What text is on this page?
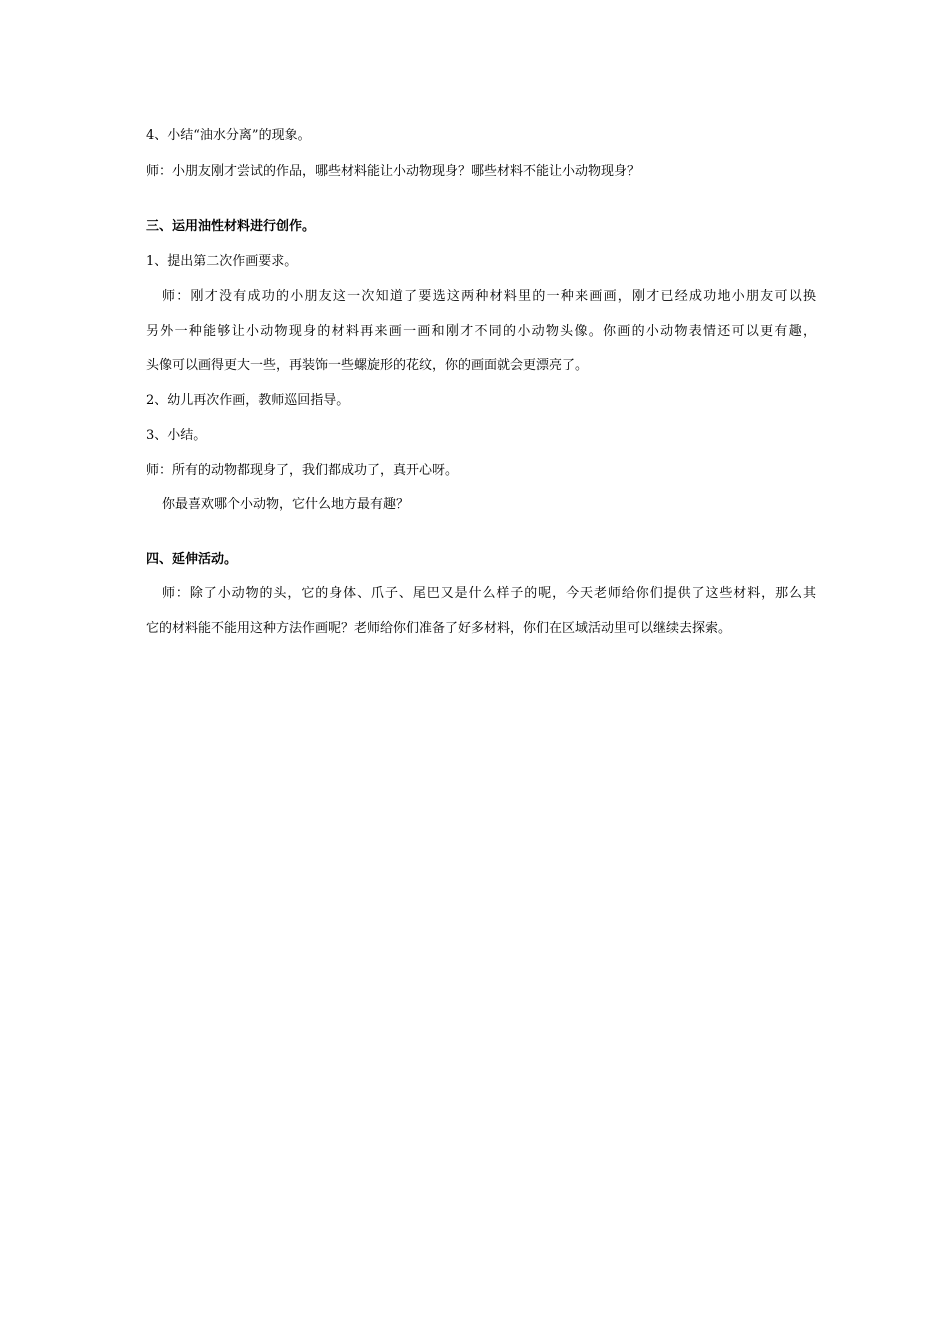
4、小结“油水分离”的现象。
师：小朋友刚才尝试的作品，哪些材料能让小动物现身？哪些材料不能让小动物现身？
三、运用油性材料进行创作。
1、提出第二次作画要求。
师：刚才没有成功的小朋友这一次知道了要选这两种材料里的一种来画画，刚才已经成功地小朋友可以换
另外一种能够让小动物现身的材料再来画一画和刚才不同的小动物头像。你画的小动物表情还可以更有趣，
头像可以画得更大一些，再装饰一些螺旋形的花纹，你的画面就会更漂亮了。
2、幼儿再次作画，教师巡回指导。
3、小结。
师：所有的动物都现身了，我们都成功了，真开心呀。
你最喜欢哪个小动物，它什么地方最有趣？
四、延伸活动。
师：除了小动物的头，它的身体、爪子、尾巴又是什么样子的呢，今天老师给你们提供了这些材料，那么其
它的材料能不能用这种方法作画呢？老师给你们准备了好多材料，你们在区域活动里可以继续去探索。
